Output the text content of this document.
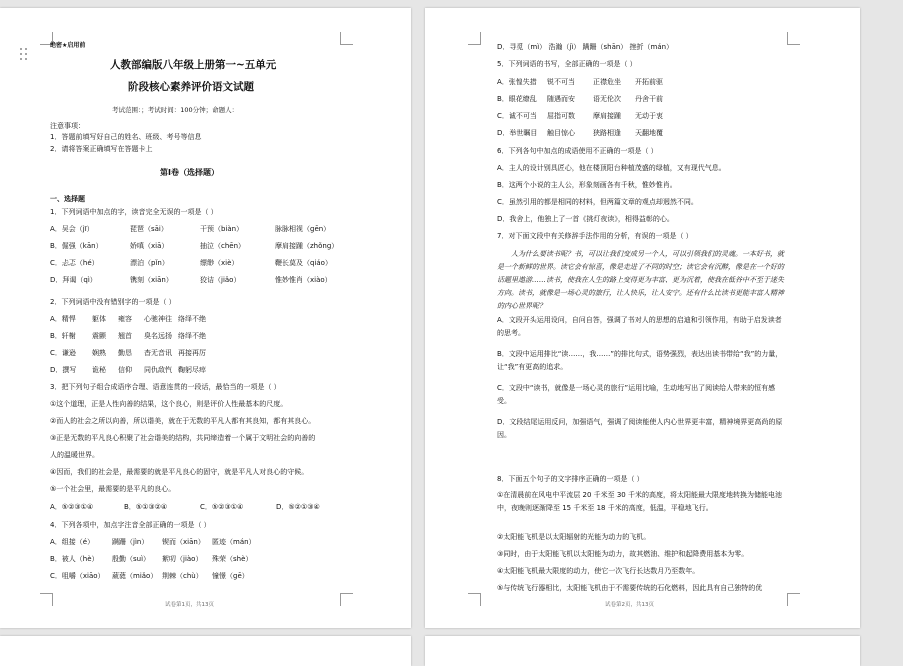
绝密★启用前
人教部编版八年级上册第一~五单元
阶段核心素养评价语文试题
考试范围：；考试时间：100分钟；命题人：
注意事项：
1．答题前填写好自己的姓名、班级、考号等信息
2．请将答案正确填写在答题卡上
第I卷（选择题）
一、选择题
1．下列词语中加点的字，读音完全无误的一项是（ ）
A．吴会（jī）	琵琶（sāi）	干预（biàn）	脉脉相视（ɡēn）
B．倔强（kān）	娇嗔（xiā）	抽泣（chēn）	摩肩接踵（zhǒnɡ）
C．忐忑（hé）	漂泊（pǐn）	缥缈（xiè）	鞭长莫及（qiáo）
D．拜谒（qì）	镌刻（xiān）	狡诘（jiǎo）	惟妙惟肖（xiào）
2．下列词语中没有错别字的一项是（ ）
A．精悍 躯体 雍容 心驰神往 络绎不绝
B．轩榭 震颤 翘首 臭名远扬 络绎不绝
C．谦逊 娴熟 勤恳 杳无音讯 再接再厉
D．撰写 诡秘 信仰 同仇敌忾 鞠躬尽瘁
3．把下列句子组合成语序合理、语意连贯的一段话，最恰当的一项是（ ）
①这个道理，正是人性向善的结果，这个良心，则是评价人性最基本的尺度。
②而人的社会之所以向善，所以谐美，就在于无数的平凡人都有其良知，都有其良心。
③正是无数的平凡良心积聚了社会谐美的结构，共同缔造着一个属于文明社会的向善的
人的温暖世界。
④因而，我们的社会是，最需要的就是平凡良心的固守，就是平凡人对良心的守候。
⑤一个社会里，最需要的是平凡的良心。
A．⑤②③①④	B．⑤①③②④	C．⑤②③①④	D．⑤②①③④
4．下列各项中，加点字注音全部正确的一项是（ ）
A．组接（é）	蹒跚（jìn） 锲而（xiān） 匿迹（mán）
B．被人（hè） 殷勤（suì） 絮叨（jiào） 殊荣（shè）
C．咀嚼（xiāo） 葳蕤（miǎo） 荆棘（chù） 憧憬（ɡē）
试卷第1页，共13页
D．寻觅（mì） 浩瀚（jì） 蹒跚（shān） 挫折（mán）
5．下列词语的书写，全部正确的一项是（ ）
A．张惶失措 锐不可当	正襟危坐 开拓前驱
B．眼花缭乱 随遇而安	语无伦次 丹舍干前
C．诚不可当 屈指可数	摩肩接踵 无动于衷
D．举世瞩目 触目惊心	狭路相逢 天翻地覆
6．下列各句中加点的成语使用不正确的一项是（ ）
A．主人的设计别具匠心，他在楼顶阳台种植茂盛的绿植，又有现代气息。
B．这两个小说的主人公，形象刻画各有千秋，惟妙惟肖。
C．虽然引用的都是相同的材料，但两篇文章的观点却迥然不同。
D．我舍上，他独上了一首《挑灯夜读》，相得益彰的心。
7．对下面文段中有关修辞手法作用的分析，有误的一项是（ ）
人为什么要读书呢？书，可以让我们变成另一个人，可以引领我们的灵魂。一本好书，就是一个新鲜的世界。读它会有惊喜，像是走进了不同的时空；读它会有沉醉，像是在一个好的话题里遨游……读书，使我在人生的路上变得更为丰富、更为沉着，使我在低谷中不至于迷失方向。读书，就像是一场心灵的旅行，让人快乐，让人安宁。还有什么比读书更能丰富人精神的内心世界呢？
A．文段开头运用设问，自问自答，强调了书对人的思想的启迪和引领作用，有助于启发读者的思考。
B．文段中运用排比“读……，我……”的排比句式，语势强烈，表达出读书带给“我”的力量，让“我”有更高的追求。
C．文段中“读书，就像是一场心灵的旅行”运用比喻，生动地写出了阅读给人带来的恒有感受。
D．文段结尾运用反问，加强语气，强调了阅读能使人内心世界更丰富，精神境界更高尚的原因。
8．下面五个句子的文字排序正确的一项是（ ）
①在清晨前在风电中平流层 20 千米至 30 千米的高度，将太阳能最大限度地转换为储能电池中，夜晚则逐渐降至 15 千米至 18 千米的高度，低温，平稳地飞行。
②太阳能飞机是以太阳辐射的光能为动力的飞机。
③同时，由于太阳能飞机以太阳能为动力，故其燃油、维护和起降费用基本为零。
④太阳能飞机最大限度的动力，使它一次飞行长达数月乃至数年。
⑤与传统飞行器相比，太阳能飞机由于不需要传统的石化燃料，因此具有自己独特的优
试卷第2页，共13页
